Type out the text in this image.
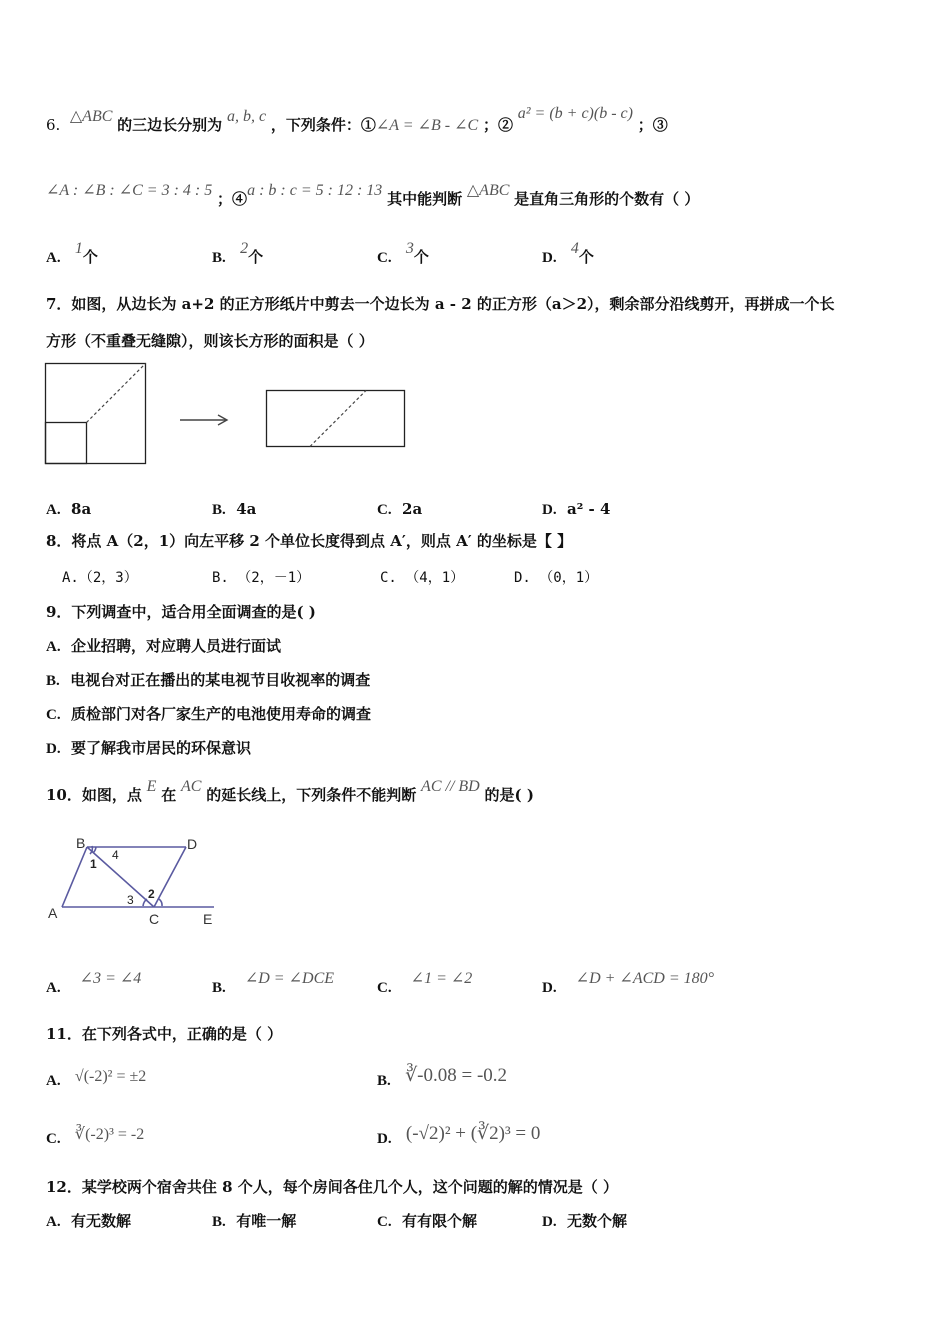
6. △ABC 的三边长分别为 a, b, c ，下列条件：①∠A = ∠B - ∠C ；② a² = (b + c)(b - c) ；③
∠A : ∠B : ∠C = 3 : 4 : 5 ；④a : b : c = 5 : 12 : 13 其中能判断 △ABC 是直角三角形的个数有（ ）
A.   1个	B.   2个	C.   3个	D.   4个
7．如图，从边长为 a+2 的正方形纸片中剪去一个边长为 a - 2 的正方形（a＞2），剩余部分沿线剪开，再拼成一个长
方形（不重叠无缝隙），则该长方形的面积是（ ）
A. 8a	B. 4a	C. 2a	D. a² - 4
8．将点 A（2，1）向左平移 2 个单位长度得到点 A′，则点 A′ 的坐标是【 】
A.（2，3）	B. （2，－1）	C. （4，1）	D. （0，1）
9．下列调查中，适合用全面调查的是( )
A. 企业招聘，对应聘人员进行面试
B. 电视台对正在播出的某电视节目收视率的调查
C. 质检部门对各厂家生产的电池使用寿命的调查
D. 要了解我市居民的环保意识
10．如图，点 E 在 AC 的延长线上，下列条件不能判断 AC // BD 的是( )
B	D
A	C	E
1
2
3
4
A.    ∠3 = ∠4
B.    ∠D = ∠DCE
C.    ∠1 = ∠2
D.    ∠D + ∠ACD = 180°
11．在下列各式中，正确的是（ ）
A. √(-2)² = ±2	B. ∛-0.08 = -0.2
C. ∛(-2)³ = -2	D. (-√2)² + (∛2)³ = 0
12．某学校两个宿舍共住 8 个人，每个房间各住几个人，这个问题的解的情况是（ ）
A. 有无数解	B. 有唯一解	C. 有有限个解	D. 无数个解
